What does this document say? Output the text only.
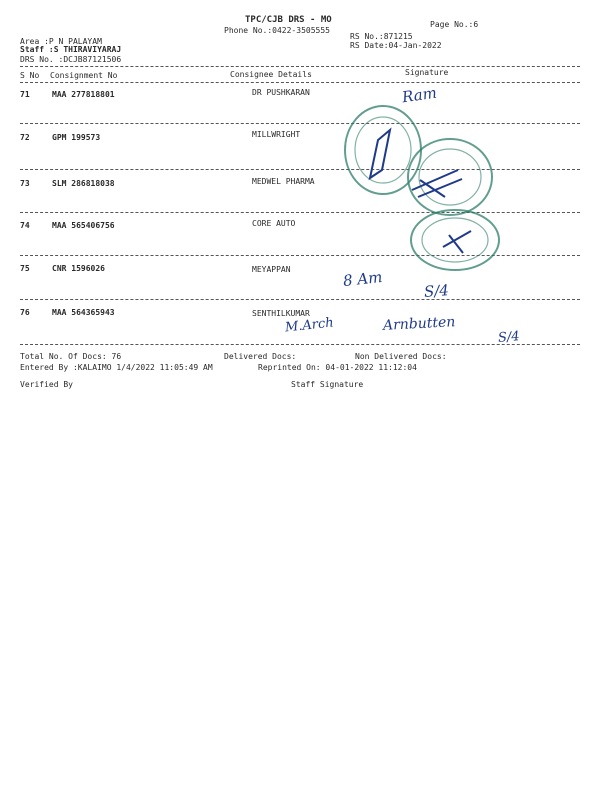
TPC/CJB DRS - MO	Page No.:6
Phone No.:0422-3505555
RS No.:871215
Area :P N PALAYAM	RS Date:04-Jan-2022
Staff :S THIRAVIYARAJ
DRS No. :DCJB87121506
S No Consignment No	Consignee Details	Signature
71	MAA 277818801	DR PUSHKARAN
72	GPM 199573	MILLWRIGHT
73	SLM 286818038	MEDWEL PHARMA
74	MAA 565406756	CORE AUTO
75	CNR 1596026	MEYAPPAN
76	MAA 564365943	SENTHILKUMAR
Ram
8 Am
S/4
M.Arch	Arnbutten
S/4
Total No. Of Docs: 76	Delivered Docs:	Non Delivered Docs:
Entered By :KALAIMO 1/4/2022 11:05:49 AM	Reprinted On: 04-01-2022 11:12:04
Verified By	Staff Signature
